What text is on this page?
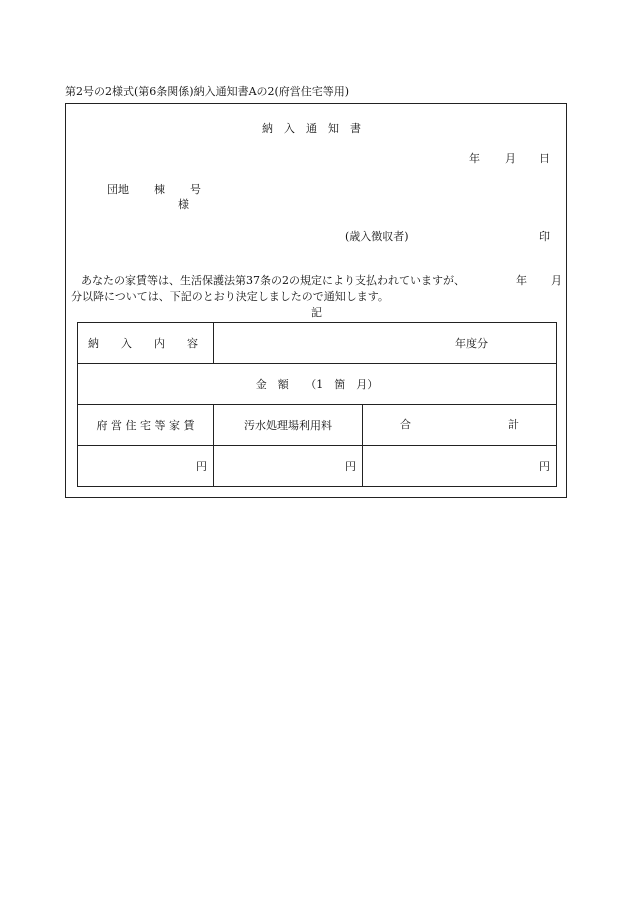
第2号の2様式(第6条関係)納入通知書Aの2(府営住宅等用)
納　入　通　知　書
年 月 日
団地 棟 号
様
(歳入徴収者)	印
あなたの家賃等は、生活保護法第37条の2の規定により支払われていますが、	年 月
分以降については、下記のとおり決定しましたので通知します。
記
納　　入　　内　　容	年度分	
金　額　　（1　箇　月）		
府 営 住 宅 等 家 賃	汚水処理場利用料	合 計

円	円	円
